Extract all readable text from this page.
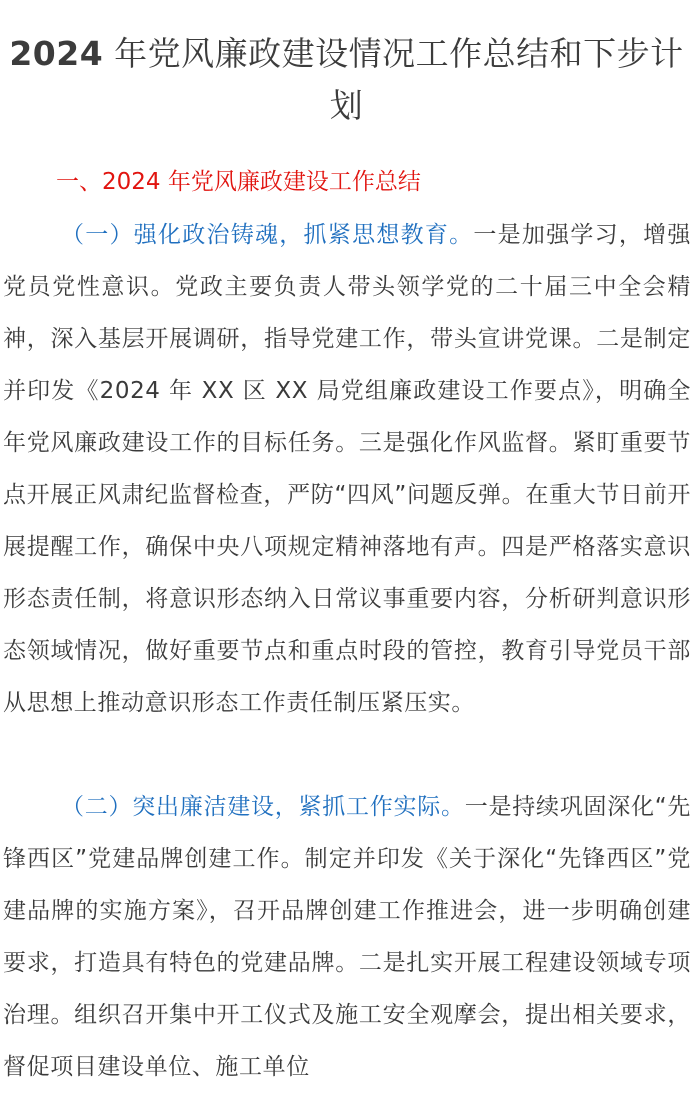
2024 年党风廉政建设情况工作总结和下步计划
一、2024 年党风廉政建设工作总结
（一）强化政治铸魂，抓紧思想教育。一是加强学习，增强党员党性意识。党政主要负责人带头领学党的二十届三中全会精神，深入基层开展调研，指导党建工作，带头宣讲党课。二是制定并印发《2024 年 XX 区 XX 局党组廉政建设工作要点》，明确全年党风廉政建设工作的目标任务。三是强化作风监督。紧盯重要节点开展正风肃纪监督检查，严防“四风”问题反弹。在重大节日前开展提醒工作，确保中央八项规定精神落地有声。四是严格落实意识形态责任制，将意识形态纳入日常议事重要内容，分析研判意识形态领域情况，做好重要节点和重点时段的管控，教育引导党员干部从思想上推动意识形态工作责任制压紧压实。
（二）突出廉洁建设，紧抓工作实际。一是持续巩固深化“先锋西区”党建品牌创建工作。制定并印发《关于深化“先锋西区”党建品牌的实施方案》，召开品牌创建工作推进会，进一步明确创建要求，打造具有特色的党建品牌。二是扎实开展工程建设领域专项治理。组织召开集中开工仪式及施工安全观摩会，提出相关要求，督促项目建设单位、施工单位
